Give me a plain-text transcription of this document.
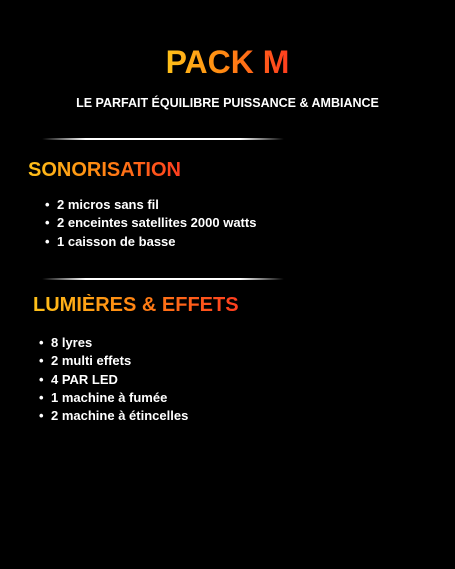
PACK M
LE PARFAIT ÉQUILIBRE PUISSANCE & AMBIANCE
SONORISATION
• 2 micros sans fil
• 2 enceintes satellites 2000 watts
• 1 caisson de basse
LUMIÈRES & EFFETS
• 8 lyres
• 2 multi effets
• 4 PAR LED
• 1 machine à fumée
• 2 machine à étincelles
